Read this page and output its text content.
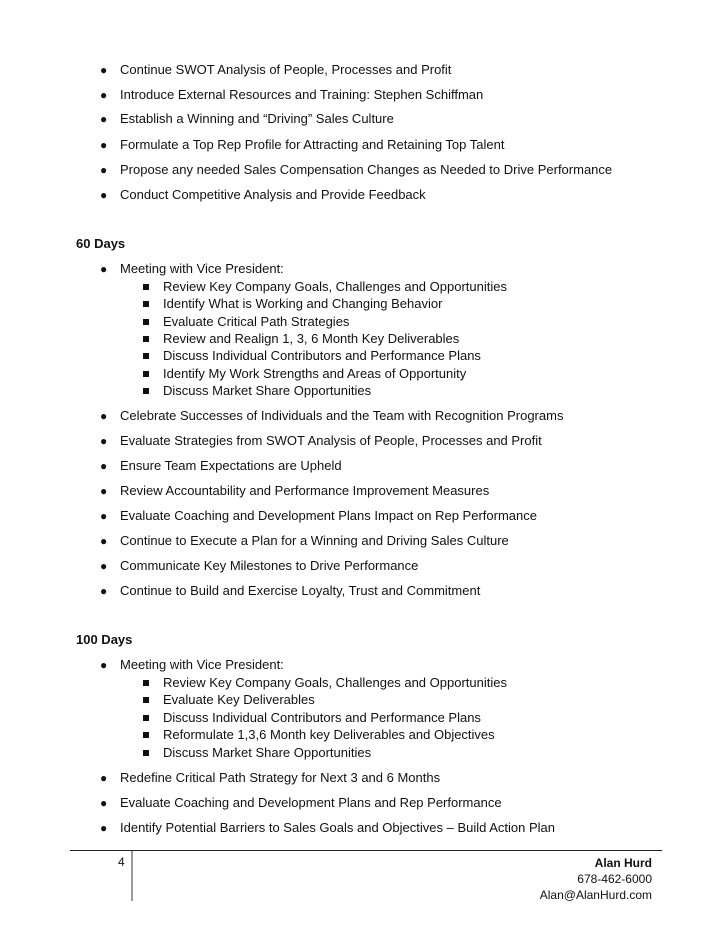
● Continue SWOT Analysis of People, Processes and Profit
● Introduce External Resources and Training: Stephen Schiffman
● Establish a Winning and “Driving” Sales Culture
● Formulate a Top Rep Profile for Attracting and Retaining Top Talent
● Propose any needed Sales Compensation Changes as Needed to Drive Performance
● Conduct Competitive Analysis and Provide Feedback
60 Days
● Meeting with Vice President:
Review Key Company Goals, Challenges and Opportunities
Identify What is Working and Changing Behavior
Evaluate Critical Path Strategies
Review and Realign 1, 3, 6 Month Key Deliverables
Discuss Individual Contributors and Performance Plans
Identify My Work Strengths and Areas of Opportunity
Discuss Market Share Opportunities
● Celebrate Successes of Individuals and the Team with Recognition Programs
● Evaluate Strategies from SWOT Analysis of People, Processes and Profit
● Ensure Team Expectations are Upheld
● Review Accountability and Performance Improvement Measures
● Evaluate Coaching and Development Plans Impact on Rep Performance
● Continue to Execute a Plan for a Winning and Driving Sales Culture
● Communicate Key Milestones to Drive Performance
● Continue to Build and Exercise Loyalty, Trust and Commitment
100 Days
● Meeting with Vice President:
Review Key Company Goals, Challenges and Opportunities
Evaluate Key Deliverables
Discuss Individual Contributors and Performance Plans
Reformulate 1,3,6 Month key Deliverables and Objectives
Discuss Market Share Opportunities
● Redefine Critical Path Strategy for Next 3 and 6 Months
● Evaluate Coaching and Development Plans and Rep Performance
● Identify Potential Barriers to Sales Goals and Objectives – Build Action Plan
4	Alan Hurd
678-462-6000
Alan@AlanHurd.com
